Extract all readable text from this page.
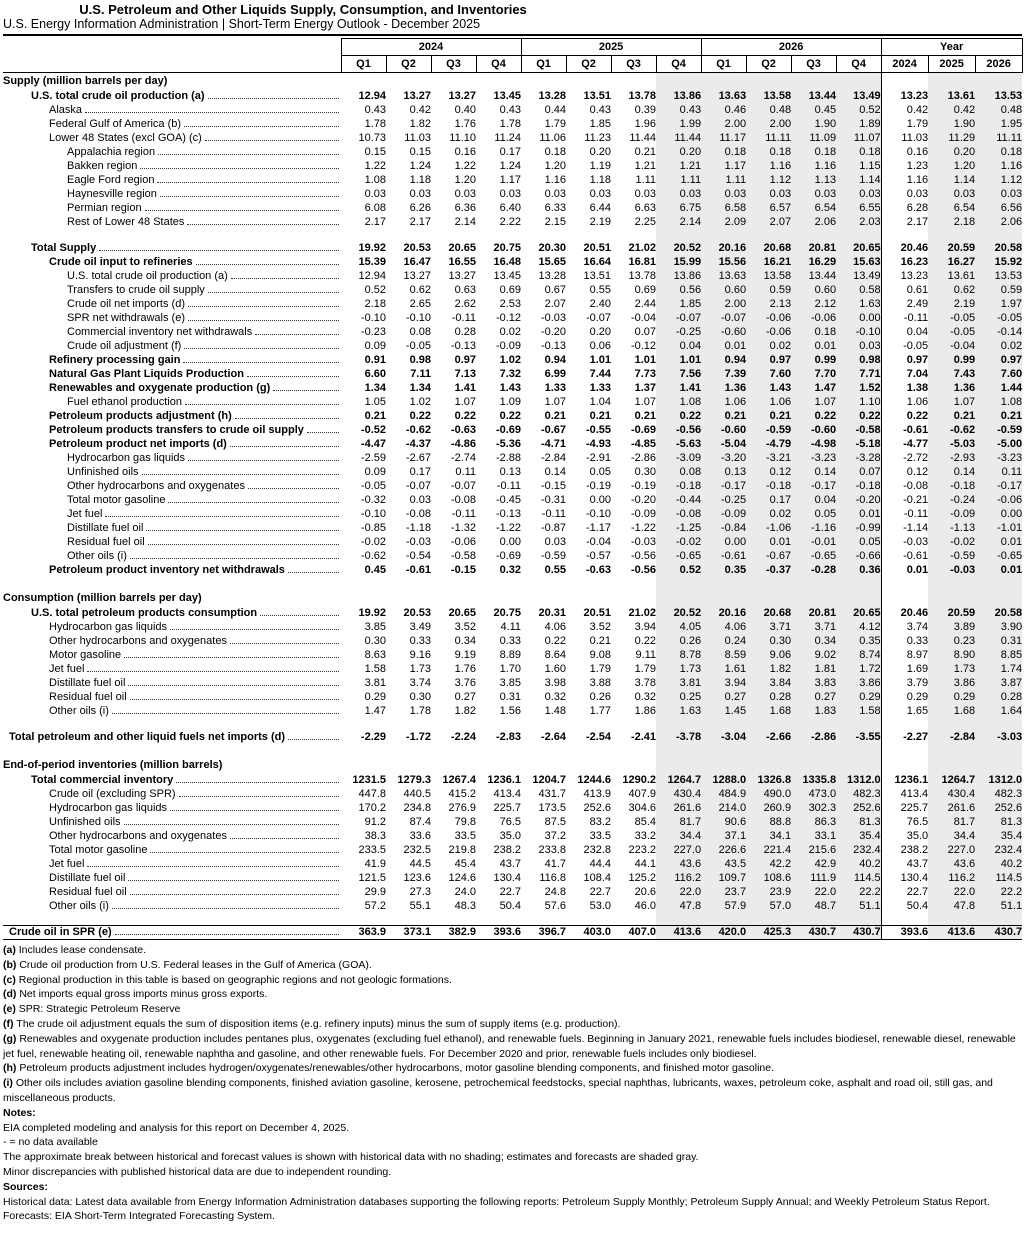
U.S. Petroleum and Other Liquids Supply, Consumption, and Inventories
U.S. Energy Information Administration | Short-Term Energy Outlook - December 2025
	2024				2025				2026				Year		
	Q1	Q2	Q3	Q4	Q1	Q2	Q3	Q4	Q1	Q2	Q3	Q4	2024	2025	2026
Supply (million barrels per day)															

U.S. total crude oil production (a)	12.94	13.27	13.27	13.45	13.28	13.51	13.78	13.86	13.63	13.58	13.44	13.49	13.23	13.61	13.53

Alaska	0.43	0.42	0.40	0.43	0.44	0.43	0.39	0.43	0.46	0.48	0.45	0.52	0.42	0.42	0.48

Federal Gulf of America (b)	1.78	1.82	1.76	1.78	1.79	1.85	1.96	1.99	2.00	2.00	1.90	1.89	1.79	1.90	1.95

Lower 48 States (excl GOA) (c)	10.73	11.03	11.10	11.24	11.06	11.23	11.44	11.44	11.17	11.11	11.09	11.07	11.03	11.29	11.11

Appalachia region	0.15	0.15	0.16	0.17	0.18	0.20	0.21	0.20	0.18	0.18	0.18	0.18	0.16	0.20	0.18

Bakken region	1.22	1.24	1.22	1.24	1.20	1.19	1.21	1.21	1.17	1.16	1.16	1.15	1.23	1.20	1.16

Eagle Ford region	1.08	1.18	1.20	1.17	1.16	1.18	1.11	1.11	1.11	1.12	1.13	1.14	1.16	1.14	1.12

Haynesville region	0.03	0.03	0.03	0.03	0.03	0.03	0.03	0.03	0.03	0.03	0.03	0.03	0.03	0.03	0.03

Permian region	6.08	6.26	6.36	6.40	6.33	6.44	6.63	6.75	6.58	6.57	6.54	6.55	6.28	6.54	6.56

Rest of Lower 48 States	2.17	2.17	2.14	2.22	2.15	2.19	2.25	2.14	2.09	2.07	2.06	2.03	2.17	2.18	2.06

Total Supply	19.92	20.53	20.65	20.75	20.30	20.51	21.02	20.52	20.16	20.68	20.81	20.65	20.46	20.59	20.58

Crude oil input to refineries	15.39	16.47	16.55	16.48	15.65	16.64	16.81	15.99	15.56	16.21	16.29	15.63	16.23	16.27	15.92

U.S. total crude oil production (a)	12.94	13.27	13.27	13.45	13.28	13.51	13.78	13.86	13.63	13.58	13.44	13.49	13.23	13.61	13.53

Transfers to crude oil supply	0.52	0.62	0.63	0.69	0.67	0.55	0.69	0.56	0.60	0.59	0.60	0.58	0.61	0.62	0.59

Crude oil net imports (d)	2.18	2.65	2.62	2.53	2.07	2.40	2.44	1.85	2.00	2.13	2.12	1.63	2.49	2.19	1.97

SPR net withdrawals (e)	-0.10	-0.10	-0.11	-0.12	-0.03	-0.07	-0.04	-0.07	-0.07	-0.06	-0.06	0.00	-0.11	-0.05	-0.05

Commercial inventory net withdrawals	-0.23	0.08	0.28	0.02	-0.20	0.20	0.07	-0.25	-0.60	-0.06	0.18	-0.10	0.04	-0.05	-0.14

Crude oil adjustment (f)	0.09	-0.05	-0.13	-0.09	-0.13	0.06	-0.12	0.04	0.01	0.02	0.01	0.03	-0.05	-0.04	0.02

Refinery processing gain	0.91	0.98	0.97	1.02	0.94	1.01	1.01	1.01	0.94	0.97	0.99	0.98	0.97	0.99	0.97

Natural Gas Plant Liquids Production	6.60	7.11	7.13	7.32	6.99	7.44	7.73	7.56	7.39	7.60	7.70	7.71	7.04	7.43	7.60

Renewables and oxygenate production (g)	1.34	1.34	1.41	1.43	1.33	1.33	1.37	1.41	1.36	1.43	1.47	1.52	1.38	1.36	1.44

Fuel ethanol production	1.05	1.02	1.07	1.09	1.07	1.04	1.07	1.08	1.06	1.06	1.07	1.10	1.06	1.07	1.08

Petroleum products adjustment (h)	0.21	0.22	0.22	0.22	0.21	0.21	0.21	0.22	0.21	0.21	0.22	0.22	0.22	0.21	0.21

Petroleum products transfers to crude oil supply	-0.52	-0.62	-0.63	-0.69	-0.67	-0.55	-0.69	-0.56	-0.60	-0.59	-0.60	-0.58	-0.61	-0.62	-0.59

Petroleum product net imports (d)	-4.47	-4.37	-4.86	-5.36	-4.71	-4.93	-4.85	-5.63	-5.04	-4.79	-4.98	-5.18	-4.77	-5.03	-5.00

Hydrocarbon gas liquids	-2.59	-2.67	-2.74	-2.88	-2.84	-2.91	-2.86	-3.09	-3.20	-3.21	-3.23	-3.28	-2.72	-2.93	-3.23

Unfinished oils	0.09	0.17	0.11	0.13	0.14	0.05	0.30	0.08	0.13	0.12	0.14	0.07	0.12	0.14	0.11

Other hydrocarbons and oxygenates	-0.05	-0.07	-0.07	-0.11	-0.15	-0.19	-0.19	-0.18	-0.17	-0.18	-0.17	-0.18	-0.08	-0.18	-0.17

Total motor gasoline	-0.32	0.03	-0.08	-0.45	-0.31	0.00	-0.20	-0.44	-0.25	0.17	0.04	-0.20	-0.21	-0.24	-0.06

Jet fuel	-0.10	-0.08	-0.11	-0.13	-0.11	-0.10	-0.09	-0.08	-0.09	0.02	0.05	0.01	-0.11	-0.09	0.00

Distillate fuel oil	-0.85	-1.18	-1.32	-1.22	-0.87	-1.17	-1.22	-1.25	-0.84	-1.06	-1.16	-0.99	-1.14	-1.13	-1.01

Residual fuel oil	-0.02	-0.03	-0.06	0.00	0.03	-0.04	-0.03	-0.02	0.00	0.01	-0.01	0.05	-0.03	-0.02	0.01

Other oils (i)	-0.62	-0.54	-0.58	-0.69	-0.59	-0.57	-0.56	-0.65	-0.61	-0.67	-0.65	-0.66	-0.61	-0.59	-0.65

Petroleum product inventory net withdrawals	0.45	-0.61	-0.15	0.32	0.55	-0.63	-0.56	0.52	0.35	-0.37	-0.28	0.36	0.01	-0.03	0.01

Consumption (million barrels per day)															

U.S. total petroleum products consumption	19.92	20.53	20.65	20.75	20.31	20.51	21.02	20.52	20.16	20.68	20.81	20.65	20.46	20.59	20.58

Hydrocarbon gas liquids	3.85	3.49	3.52	4.11	4.06	3.52	3.94	4.05	4.06	3.71	3.71	4.12	3.74	3.89	3.90

Other hydrocarbons and oxygenates	0.30	0.33	0.34	0.33	0.22	0.21	0.22	0.26	0.24	0.30	0.34	0.35	0.33	0.23	0.31

Motor gasoline	8.63	9.16	9.19	8.89	8.64	9.08	9.11	8.78	8.59	9.06	9.02	8.74	8.97	8.90	8.85

Jet fuel	1.58	1.73	1.76	1.70	1.60	1.79	1.79	1.73	1.61	1.82	1.81	1.72	1.69	1.73	1.74

Distillate fuel oil	3.81	3.74	3.76	3.85	3.98	3.88	3.78	3.81	3.94	3.84	3.83	3.86	3.79	3.86	3.87

Residual fuel oil	0.29	0.30	0.27	0.31	0.32	0.26	0.32	0.25	0.27	0.28	0.27	0.29	0.29	0.29	0.28

Other oils (i)	1.47	1.78	1.82	1.56	1.48	1.77	1.86	1.63	1.45	1.68	1.83	1.58	1.65	1.68	1.64

Total petroleum and other liquid fuels net imports (d)	-2.29	-1.72	-2.24	-2.83	-2.64	-2.54	-2.41	-3.78	-3.04	-2.66	-2.86	-3.55	-2.27	-2.84	-3.03

End-of-period inventories (million barrels)															

Total commercial inventory	1231.5	1279.3	1267.4	1236.1	1204.7	1244.6	1290.2	1264.7	1288.0	1326.8	1335.8	1312.0	1236.1	1264.7	1312.0

Crude oil (excluding SPR)	447.8	440.5	415.2	413.4	431.7	413.9	407.9	430.4	484.9	490.0	473.0	482.3	413.4	430.4	482.3

Hydrocarbon gas liquids	170.2	234.8	276.9	225.7	173.5	252.6	304.6	261.6	214.0	260.9	302.3	252.6	225.7	261.6	252.6

Unfinished oils	91.2	87.4	79.8	76.5	87.5	83.2	85.4	81.7	90.6	88.8	86.3	81.3	76.5	81.7	81.3

Other hydrocarbons and oxygenates	38.3	33.6	33.5	35.0	37.2	33.5	33.2	34.4	37.1	34.1	33.1	35.4	35.0	34.4	35.4

Total motor gasoline	233.5	232.5	219.8	238.2	233.8	232.8	223.2	227.0	226.6	221.4	215.6	232.4	238.2	227.0	232.4

Jet fuel	41.9	44.5	45.4	43.7	41.7	44.4	44.1	43.6	43.5	42.2	42.9	40.2	43.7	43.6	40.2

Distillate fuel oil	121.5	123.6	124.6	130.4	116.8	108.4	125.2	116.2	109.7	108.6	111.9	114.5	130.4	116.2	114.5

Residual fuel oil	29.9	27.3	24.0	22.7	24.8	22.7	20.6	22.0	23.7	23.9	22.0	22.2	22.7	22.0	22.2

Other oils (i)	57.2	55.1	48.3	50.4	57.6	53.0	46.0	47.8	57.9	57.0	48.7	51.1	50.4	47.8	51.1

Crude oil in SPR (e)	363.9	373.1	382.9	393.6	396.7	403.0	407.0	413.6	420.0	425.3	430.7	430.7	393.6	413.6	430.7
(a) Includes lease condensate.
(b) Crude oil production from U.S. Federal leases in the Gulf of America (GOA).
(c) Regional production in this table is based on geographic regions and not geologic formations.
(d) Net imports equal gross imports minus gross exports.
(e) SPR: Strategic Petroleum Reserve
(f) The crude oil adjustment equals the sum of disposition items (e.g. refinery inputs) minus the sum of supply items (e.g. production).
(g) Renewables and oxygenate production includes pentanes plus, oxygenates (excluding fuel ethanol), and renewable fuels. Beginning in January 2021, renewable fuels includes biodiesel, renewable diesel, renewable jet fuel, renewable heating oil, renewable naphtha and gasoline, and other renewable fuels. For December 2020 and prior, renewable fuels includes only biodiesel.
(h) Petroleum products adjustment includes hydrogen/oxygenates/renewables/other hydrocarbons, motor gasoline blending components, and finished motor gasoline.
(i) Other oils includes aviation gasoline blending components, finished aviation gasoline, kerosene, petrochemical feedstocks, special naphthas, lubricants, waxes, petroleum coke, asphalt and road oil, still gas, and miscellaneous products.
Notes:
EIA completed modeling and analysis for this report on December 4, 2025.
- = no data available
The approximate break between historical and forecast values is shown with historical data with no shading; estimates and forecasts are shaded gray.
Minor discrepancies with published historical data are due to independent rounding.
Sources:
Historical data: Latest data available from Energy Information Administration databases supporting the following reports: Petroleum Supply Monthly; Petroleum Supply Annual; and Weekly Petroleum Status Report.
Forecasts: EIA Short-Term Integrated Forecasting System.
